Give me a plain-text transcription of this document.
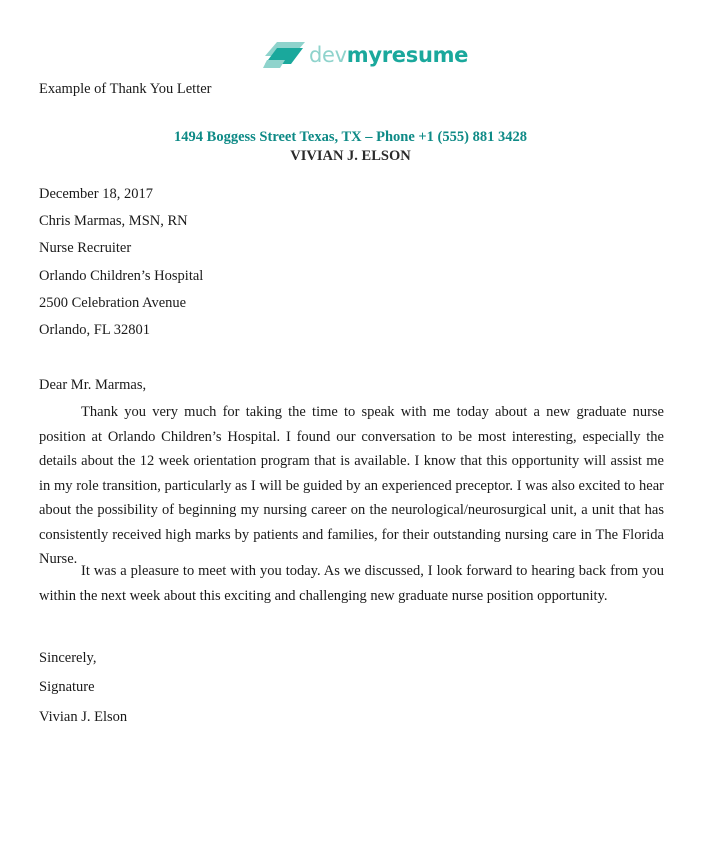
devmyresume
Example of Thank You Letter
1494 Boggess Street Texas, TX – Phone +1 (555) 881 3428
VIVIAN J. ELSON
December 18, 2017
Chris Marmas, MSN, RN
Nurse Recruiter
Orlando Children’s Hospital
2500 Celebration Avenue
Orlando, FL 32801
Dear Mr. Marmas,
Thank you very much for taking the time to speak with me today about a new graduate nurse position at Orlando Children’s Hospital. I found our conversation to be most interesting, especially the details about the 12 week orientation program that is available. I know that this opportunity will assist me in my role transition, particularly as I will be guided by an experienced preceptor. I was also excited to hear about the possibility of beginning my nursing career on the neurological/neurosurgical unit, a unit that has consistently received high marks by patients and families, for their outstanding nursing care in The Florida Nurse.
It was a pleasure to meet with you today. As we discussed, I look forward to hearing back from you within the next week about this exciting and challenging new graduate nurse position opportunity.
Sincerely,
Signature
Vivian J. Elson
